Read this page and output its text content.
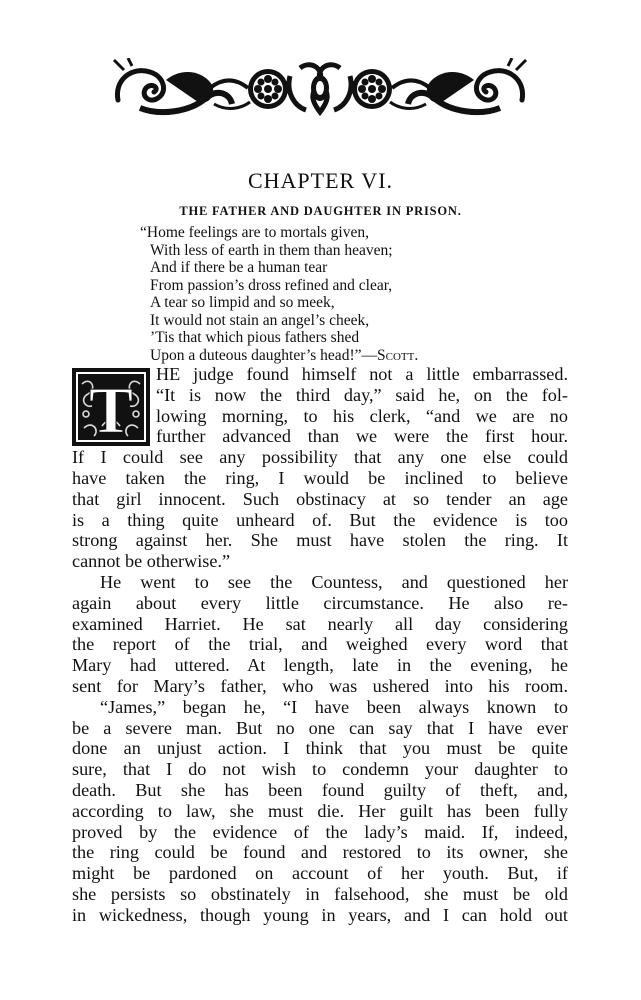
CHAPTER VI.
THE FATHER AND DAUGHTER IN PRISON.
“Home feelings are to mortals given,
With less of earth in them than heaven;
And if there be a human tear
From passion’s dross refined and clear,
A tear so limpid and so meek,
It would not stain an angel’s cheek,
’Tis that which pious fathers shed
Upon a duteous daughter’s head!”—Scott.
T HE judge found himself not a little embarrassed.
“It is now the third day,” said he, on the fol-
lowing morning, to his clerk, “and we are no
further advanced than we were the first hour.
If I could see any possibility that any one else could
have taken the ring, I would be inclined to believe
that girl innocent. Such obstinacy at so tender an age
is a thing quite unheard of. But the evidence is too
strong against her. She must have stolen the ring. It
cannot be otherwise.”
He went to see the Countess, and questioned her
again about every little circumstance. He also re-
examined Harriet. He sat nearly all day considering
the report of the trial, and weighed every word that
Mary had uttered. At length, late in the evening, he
sent for Mary’s father, who was ushered into his room.
“James,” began he, “I have been always known to
be a severe man. But no one can say that I have ever
done an unjust action. I think that you must be quite
sure, that I do not wish to condemn your daughter to
death. But she has been found guilty of theft, and,
according to law, she must die. Her guilt has been fully
proved by the evidence of the lady’s maid. If, indeed,
the ring could be found and restored to its owner, she
might be pardoned on account of her youth. But, if
she persists so obstinately in falsehood, she must be old
in wickedness, though young in years, and I can hold out
